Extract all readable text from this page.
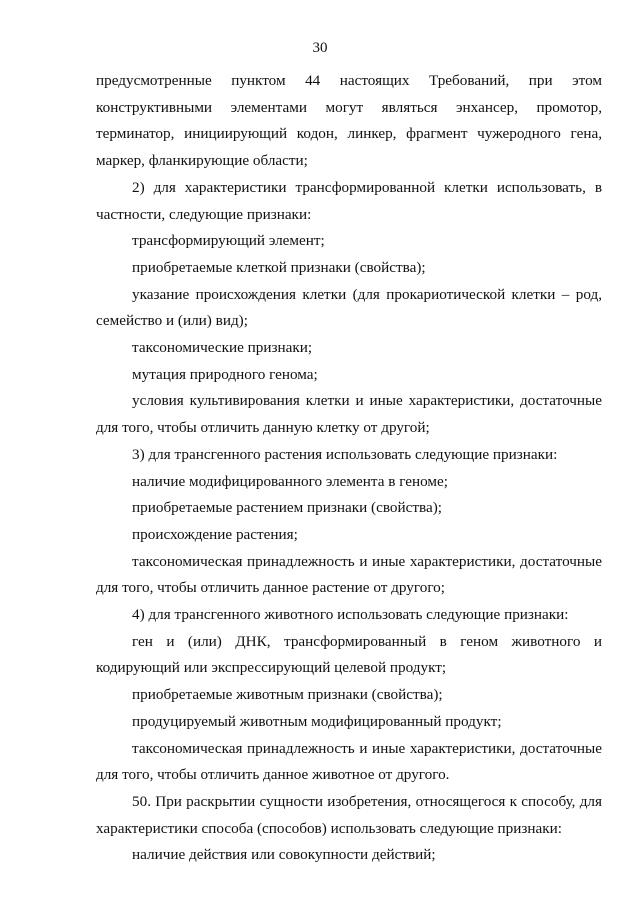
30

предусмотренные пунктом 44 настоящих Требований, при этом конструктивными элементами могут являться энхансер, промотор, терминатор, инициирующий кодон, линкер, фрагмент чужеродного гена, маркер, фланкирующие области;

2) для характеристики трансформированной клетки использовать, в частности, следующие признаки:

трансформирующий элемент;

приобретаемые клеткой признаки (свойства);

указание происхождения клетки (для прокариотической клетки – род, семейство и (или) вид);

таксономические признаки;

мутация природного генома;

условия культивирования клетки и иные характеристики, достаточные для того, чтобы отличить данную клетку от другой;

3) для трансгенного растения использовать следующие признаки:

наличие модифицированного элемента в геноме;

приобретаемые растением признаки (свойства);

происхождение растения;

таксономическая принадлежность и иные характеристики, достаточные для того, чтобы отличить данное растение от другого;

4) для трансгенного животного использовать следующие признаки:

ген и (или) ДНК, трансформированный в геном животного и кодирующий или экспрессирующий целевой продукт;

приобретаемые животным признаки (свойства);

продуцируемый животным модифицированный продукт;

таксономическая принадлежность и иные характеристики, достаточные для того, чтобы отличить данное животное от другого.

50. При раскрытии сущности изобретения, относящегося к способу, для характеристики способа (способов) использовать следующие признаки:

наличие действия или совокупности действий;
